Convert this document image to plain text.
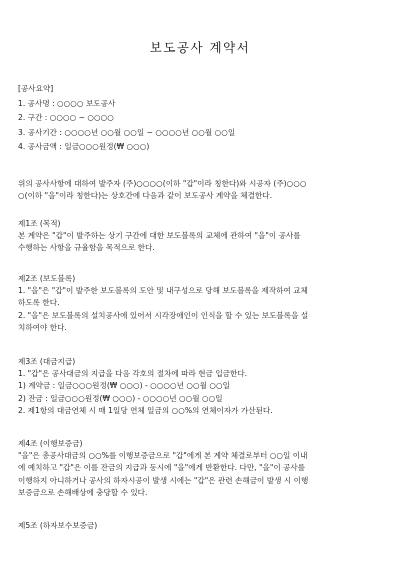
보도공사 계약서
[공사요약]
1. 공사명 : ○○○○ 보도공사
2. 구간 : ○○○○ ~ ○○○○
3. 공사기간 : ○○○○년 ○○월 ○○일 ~ ○○○○년 ○○월 ○○일
4. 공사금액 : 일금○○○원정(₩ ○○○)
위의 공사사항에 대하여 발주자 (주)○○○○(이하 "갑"이라 칭한다)와 시공자 (주)○○○
○(이하 "을"이라 칭한다)는 상호간에 다음과 같이 보도공사 계약을 체결한다.
제1조 (목적)
본 계약은 "갑"이 발주하는 상기 구간에 대한 보도블록의 교체에 관하여 "을"이 공사를
수행하는 사항을 규율함을 목적으로 한다.
제2조 (보도블록)
1. "을"은 "갑"이 발주한 보도블록의 도안 및 내구성으로 당해 보도블록을 제작하여 교체
하도록 한다.
2. "을"은 보도블록의 설치공사에 있어서 시각장애인이 인식을 할 수 있는 보도블록을 설
치하여야 한다.
제3조 (대금지급)
1. "갑"은 공사대금의 지급을 다음 각호의 절차에 따라 현금 입금한다.
1) 계약금 : 일금○○○원정(₩ ○○○) - ○○○○년 ○○월 ○○일
2) 잔금 : 일금○○○원정(₩ ○○○) - ○○○○년 ○○월 ○○일
2. 제1항의 대금연체 시 매 1일당 연체 일금의 ○○%의 연체이자가 가산된다.
제4조 (이행보증금)
"을"은 총공사대금의 ○○%를 이행보증금으로 "갑"에게 본 계약 체결로부터 ○○일 이내
에 예치하고 "갑"은 이를 잔금의 지급과 동시에 "을"에게 반환한다. 다만, "을"이 공사를
이행하지 아니하거나 공사의 하자시공이 발생 시에는 "갑"은 관련 손해금이 발생 시 이행
보증금으로 손해배상에 충당할 수 있다.
제5조 (하자보수보증금)
